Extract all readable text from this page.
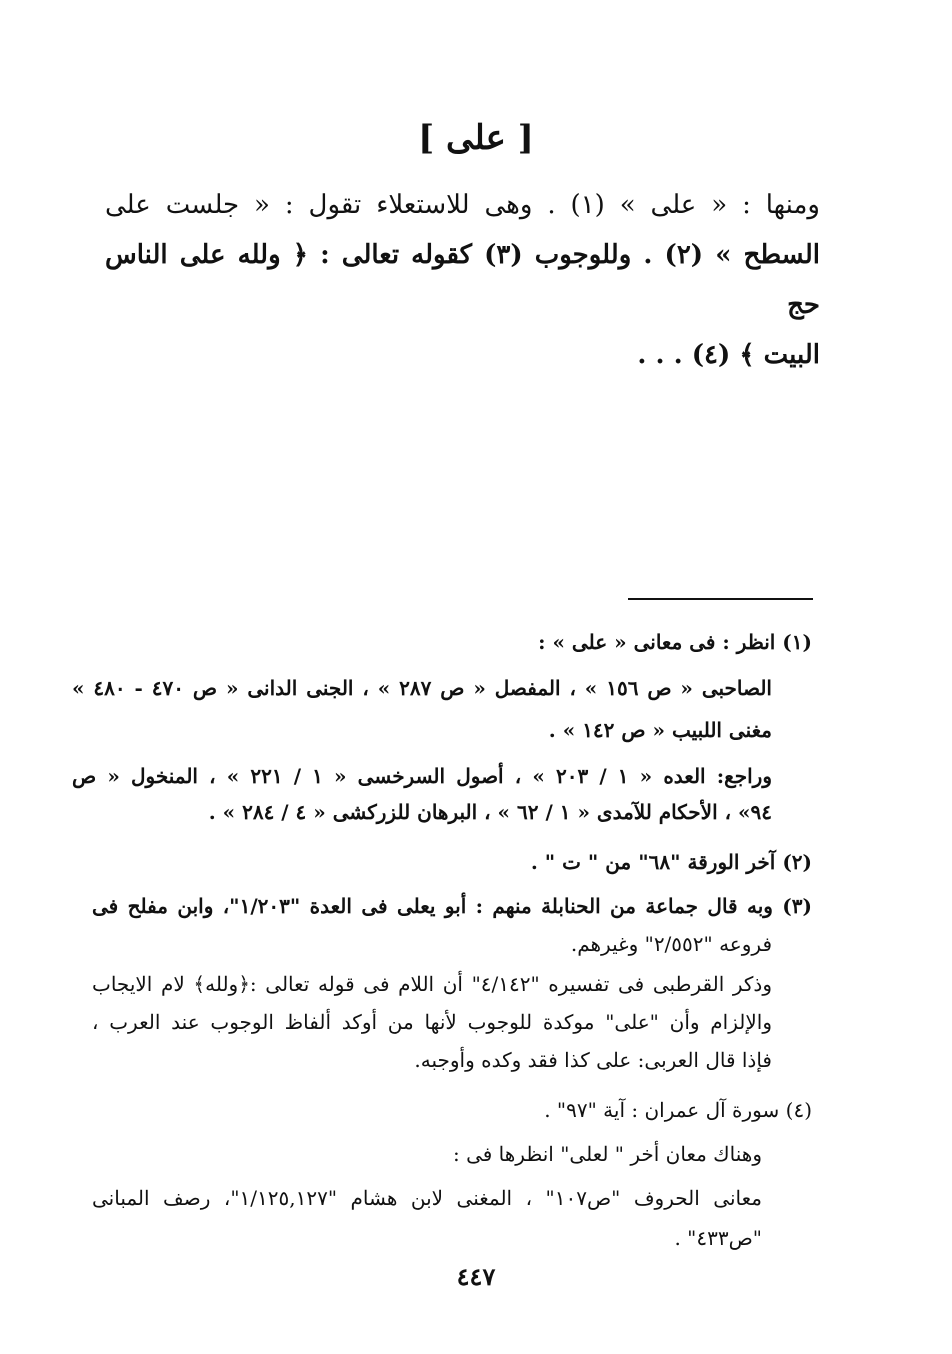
[ على ]

ومنها : « على » (١) . وهى للاستعلاء تقول : « جلست على

السطح » (٢) . وللوجوب (٣) كقوله تعالى : ﴿ ولله على الناس حج

البيت ﴾ (٤) . . .

(١) انظر : فى معانى « على » :
الصاحبى « ص ١٥٦ » ، المفصل « ص ٢٨٧ » ، الجنى الدانى « ص ٤٧٠ - ٤٨٠ »
مغنى اللبيب « ص ١٤٢ » .
وراجع: العده « ١ / ٢٠٣ » ، أصول السرخسى « ١ / ٢٢١ » ، المنخول « ص
٩٤» ، الأحكام للآمدى « ١ / ٦٢ » ، البرهان للزركشى « ٤ / ٢٨٤ » .
(٢) آخر الورقة "٦٨" من " ت " .
(٣) وبه قال جماعة من الحنابلة منهم : أبو يعلى فى العدة "١/٢٠٣"، وابن مفلح فى
فروعه "٢/٥٥٢" وغيرهم.
وذكر القرطبى فى تفسيره "٤/١٤٢" أن اللام فى قوله تعالى :﴿ولله﴾ لام الايجاب
والإلزام وأن "على" موكدة للوجوب لأنها من أوكد ألفاظ الوجوب عند العرب ،
فإذا قال العربى: على كذا فقد وكده وأوجبه.
(٤) سورة آل عمران : آية "٩٧" .
وهناك معان أخر " لعلى" انظرها فى :
معانى الحروف "ص١٠٧" ، المغنى لابن هشام "١/١٢٥,١٢٧"، رصف المبانى
"ص٤٣٣" .
٤٤٧
